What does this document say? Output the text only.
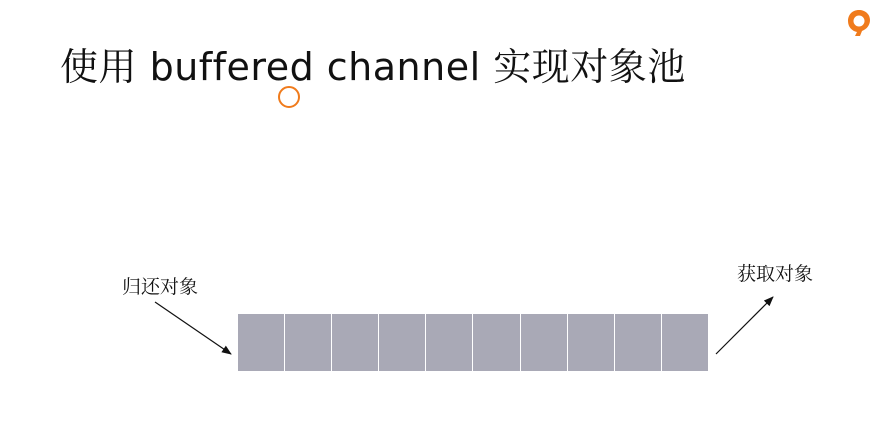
使用 buffered channel 实现对象池
归还对象
获取对象
